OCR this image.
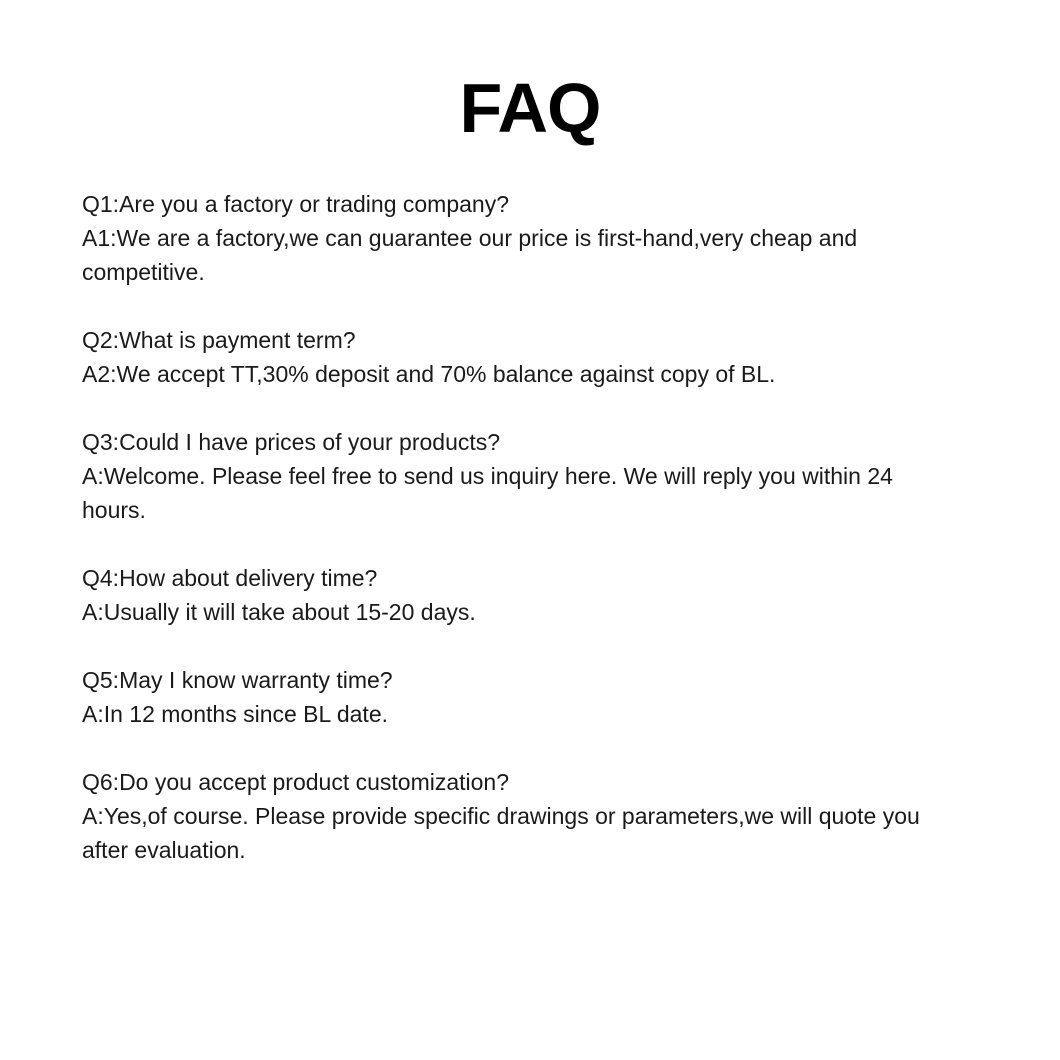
FAQ
Q1:Are you a factory or trading company?
A1:We are a factory,we can guarantee our price is first-hand,very cheap and competitive.
Q2:What is payment term?
A2:We accept TT,30% deposit and 70% balance against copy of BL.
Q3:Could I have prices of your products?
A:Welcome. Please feel free to send us inquiry here. We will reply you within 24 hours.
Q4:How about delivery time?
A:Usually it will take about 15-20 days.
Q5:May I know warranty time?
A:In 12 months since BL date.
Q6:Do you accept product customization?
A:Yes,of course. Please provide specific drawings or parameters,we will quote you after evaluation.
